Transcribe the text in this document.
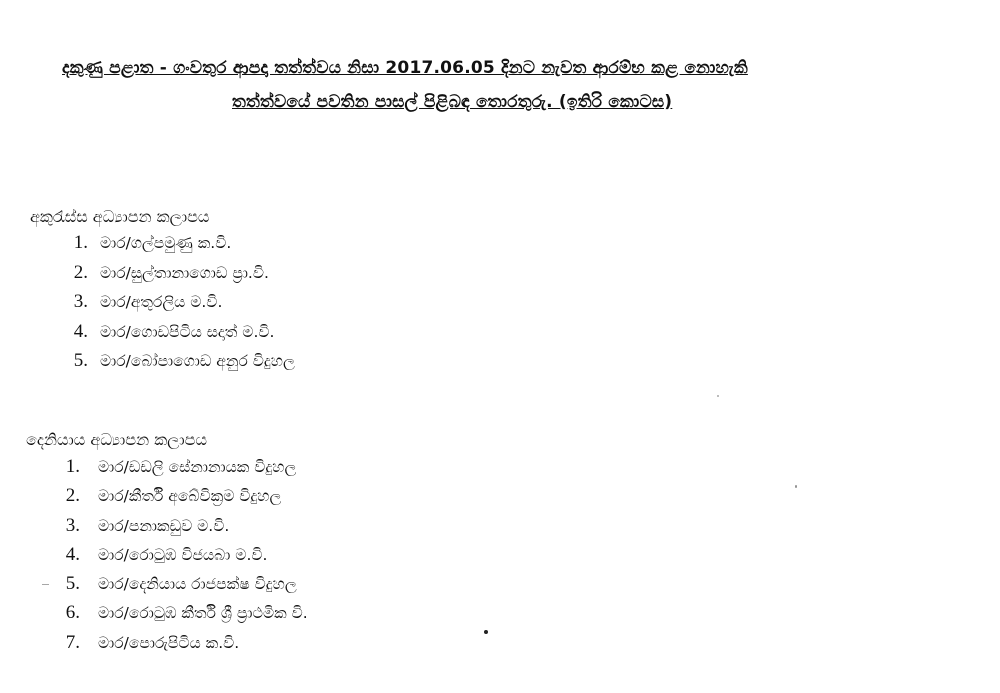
දකුණු පළාත - ගංවතුර ආපදා තත්ත්වය නිසා 2017.06.05 දිනට නැවත ආරම්භ කළ නොහැකි
තත්ත්වයේ පවතින පාසල් පිළිබඳ තොරතුරු. (ඉතිරි කොටස)
අකුරැස්ස අධ්‍යාපන කලාපය
1. මාර/ගල්පමුණු ක.වි.
2. මාර/සුල්තානාගොඩ ප්‍රා.වි.
3. මාර/අතුරලිය ම.වි.
4. මාර/ගොඩපිටිය සදාත් ම.වි.
5. මාර/බෝපාගොඩ අනුර විදුහල
දෙනියාය අධ්‍යාපන කලාපය
1. මාර/ඩඩලි සේනානායක විදුහල
2. මාර/කීර්ති අබේවික්‍රම විදුහල
3. මාර/පනාකඩුව ම.වි.
4. මාර/රොටුඹ විජයබා ම.වි.
5. මාර/දෙනියාය රාජපක්ෂ විදුහල
6. මාර/රොටුඹ කීර්ති ශ්‍රී ප්‍රාථමික වි.
7. මාර/පොරුපිටිය ක.වි.
